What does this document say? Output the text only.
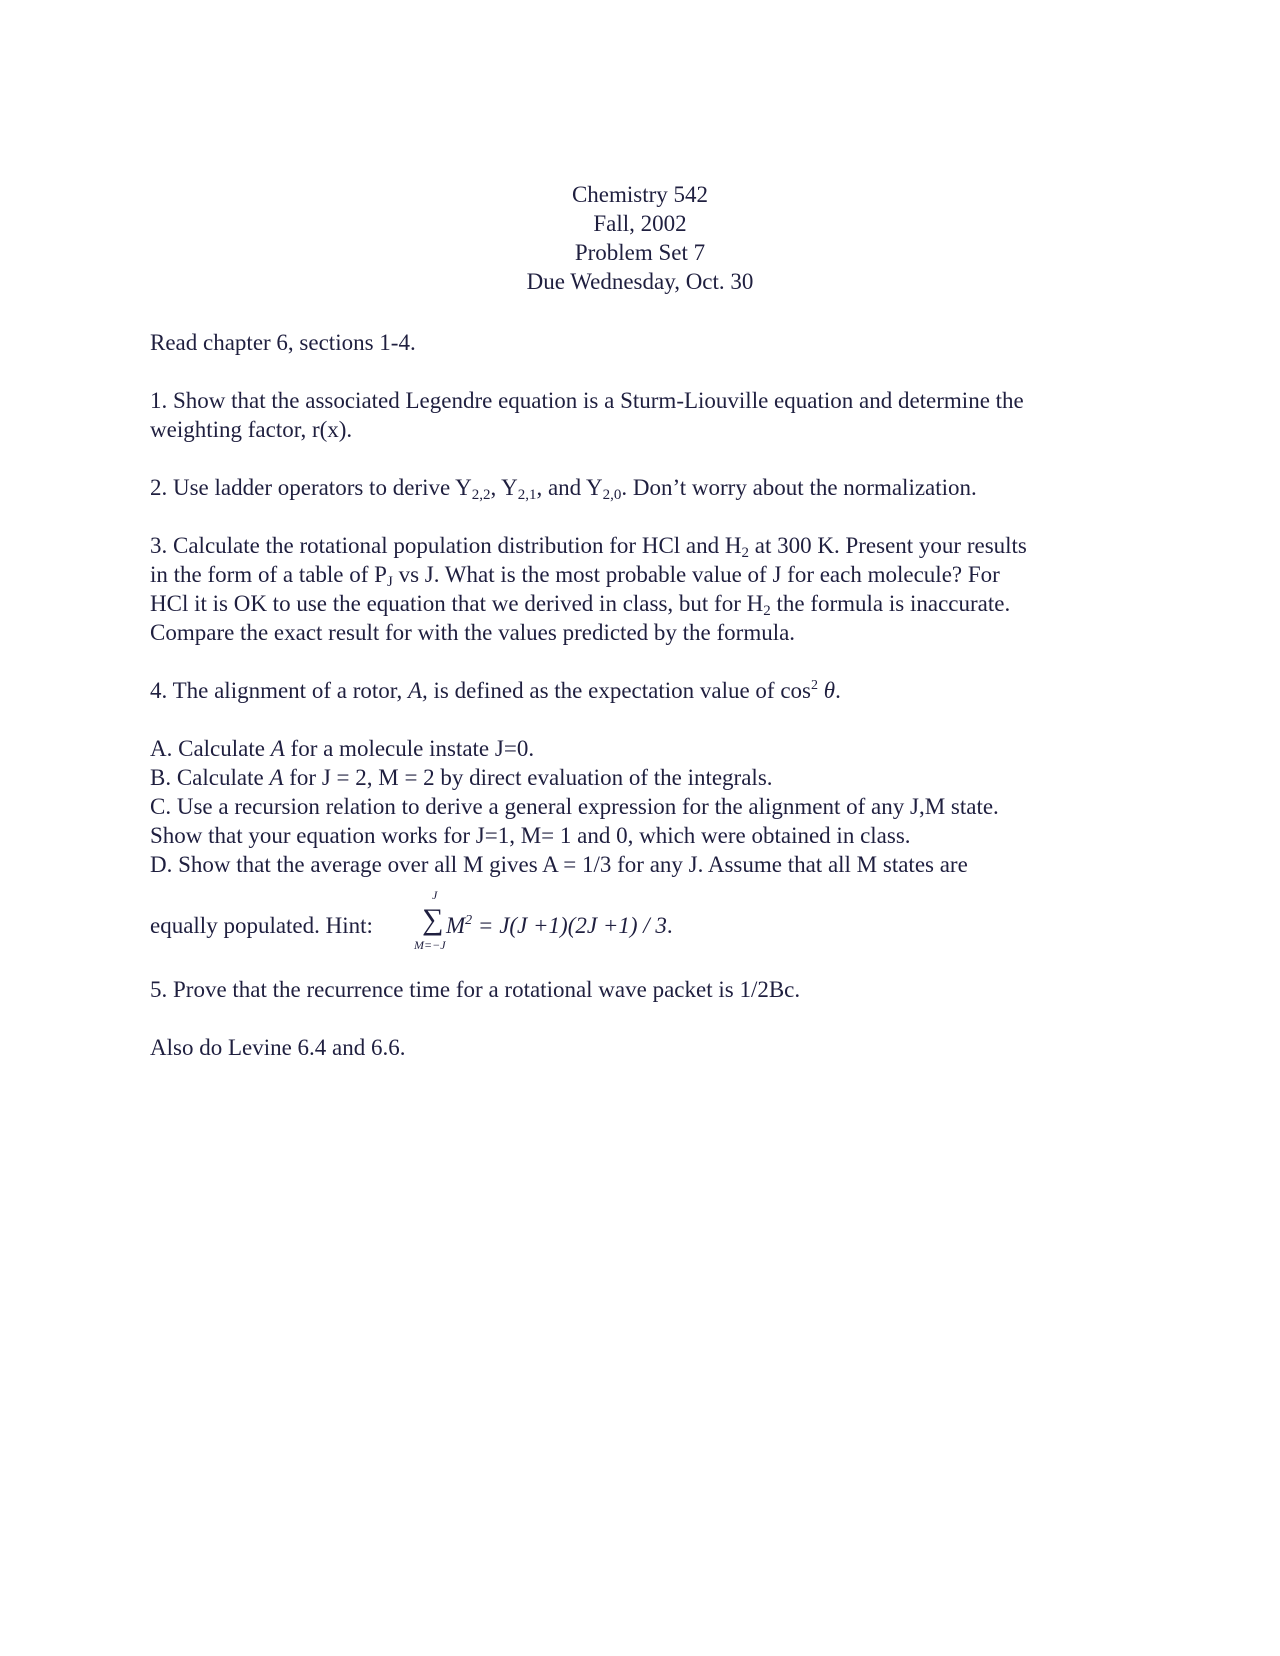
Chemistry 542
Fall, 2002
Problem Set 7
Due Wednesday, Oct. 30

Read chapter 6, sections 1-4.

1. Show that the associated Legendre equation is a Sturm-Liouville equation and determine the
weighting factor, r(x).

2. Use ladder operators to derive $Y_{2,2}$, $Y_{2,1}$, and $Y_{2,0}$. Don’t worry about the normalization.

3. Calculate the rotational population distribution for HCl and $H_2$ at 300 K. Present your results
in the form of a table of $P_J$ vs J. What is the most probable value of J for each molecule? For
HCl it is OK to use the equation that we derived in class, but for $H_2$ the formula is inaccurate.
Compare the exact result for with the values predicted by the formula.

4. The alignment of a rotor, A, is defined as the expectation value of $\cos^2 \theta$.

A. Calculate A for a molecule instate J=0.
B. Calculate A for J = 2, M = 2 by direct evaluation of the integrals.
C. Use a recursion relation to derive a general expression for the alignment of any J,M state.
Show that your equation works for J=1, M= 1 and 0, which were obtained in class.
D. Show that the average over all M gives A = 1/3 for any J. Assume that all M states are

equally populated. Hint:
J
∑
M=−J
$M^2 = J(J +1)(2J +1) / 3$.

5. Prove that the recurrence time for a rotational wave packet is 1/2Bc.

Also do Levine 6.4 and 6.6.
